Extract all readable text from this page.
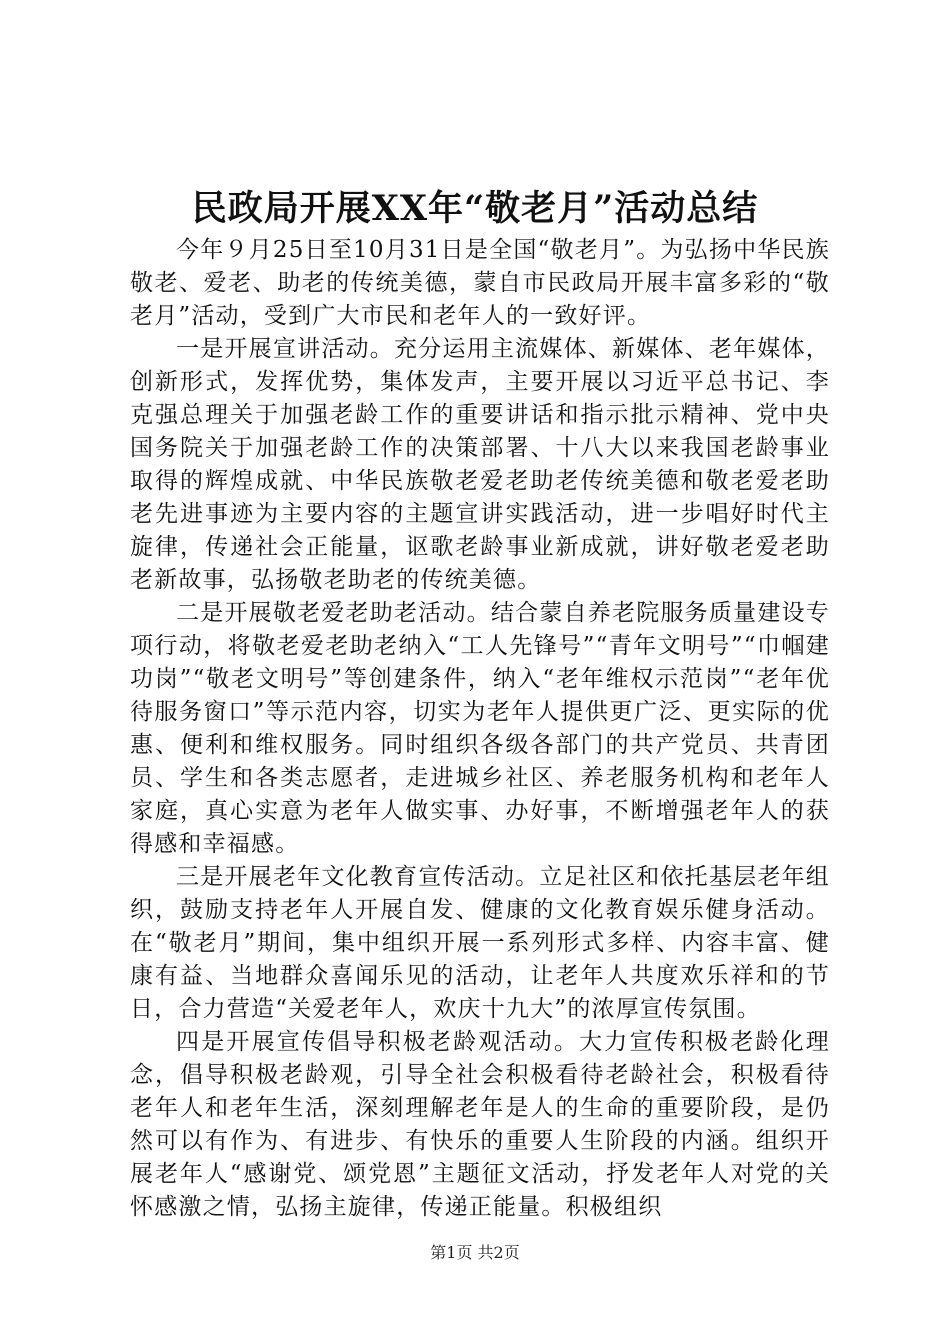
民政局开展XX年“敬老月”活动总结

今年９月25日至10月31日是全国“敬老月”。为弘扬中华民族敬老、爱老、助老的传统美德，蒙自市民政局开展丰富多彩的“敬老月”活动，受到广大市民和老年人的一致好评。

一是开展宣讲活动。充分运用主流媒体、新媒体、老年媒体，创新形式，发挥优势，集体发声，主要开展以习近平总书记、李克强总理关于加强老龄工作的重要讲话和指示批示精神、党中央国务院关于加强老龄工作的决策部署、十八大以来我国老龄事业取得的辉煌成就、中华民族敬老爱老助老传统美德和敬老爱老助老先进事迹为主要内容的主题宣讲实践活动，进一步唱好时代主旋律，传递社会正能量，讴歌老龄事业新成就，讲好敬老爱老助老新故事，弘扬敬老助老的传统美德。

二是开展敬老爱老助老活动。结合蒙自养老院服务质量建设专项行动，将敬老爱老助老纳入“工人先锋号”“青年文明号”“巾帼建功岗”“敬老文明号”等创建条件，纳入“老年维权示范岗”“老年优待服务窗口”等示范内容，切实为老年人提供更广泛、更实际的优惠、便利和维权服务。同时组织各级各部门的共产党员、共青团员、学生和各类志愿者，走进城乡社区、养老服务机构和老年人家庭，真心实意为老年人做实事、办好事，不断增强老年人的获得感和幸福感。

三是开展老年文化教育宣传活动。立足社区和依托基层老年组织，鼓励支持老年人开展自发、健康的文化教育娱乐健身活动。在“敬老月”期间，集中组织开展一系列形式多样、内容丰富、健康有益、当地群众喜闻乐见的活动，让老年人共度欢乐祥和的节日，合力营造“关爱老年人，欢庆十九大”的浓厚宣传氛围。

四是开展宣传倡导积极老龄观活动。大力宣传积极老龄化理念，倡导积极老龄观，引导全社会积极看待老龄社会，积极看待老年人和老年生活，深刻理解老年是人的生命的重要阶段，是仍然可以有作为、有进步、有快乐的重要人生阶段的内涵。组织开展老年人“感谢党、颂党恩”主题征文活动，抒发老年人对党的关怀感激之情，弘扬主旋律，传递正能量。积极组织

第1页 共2页
